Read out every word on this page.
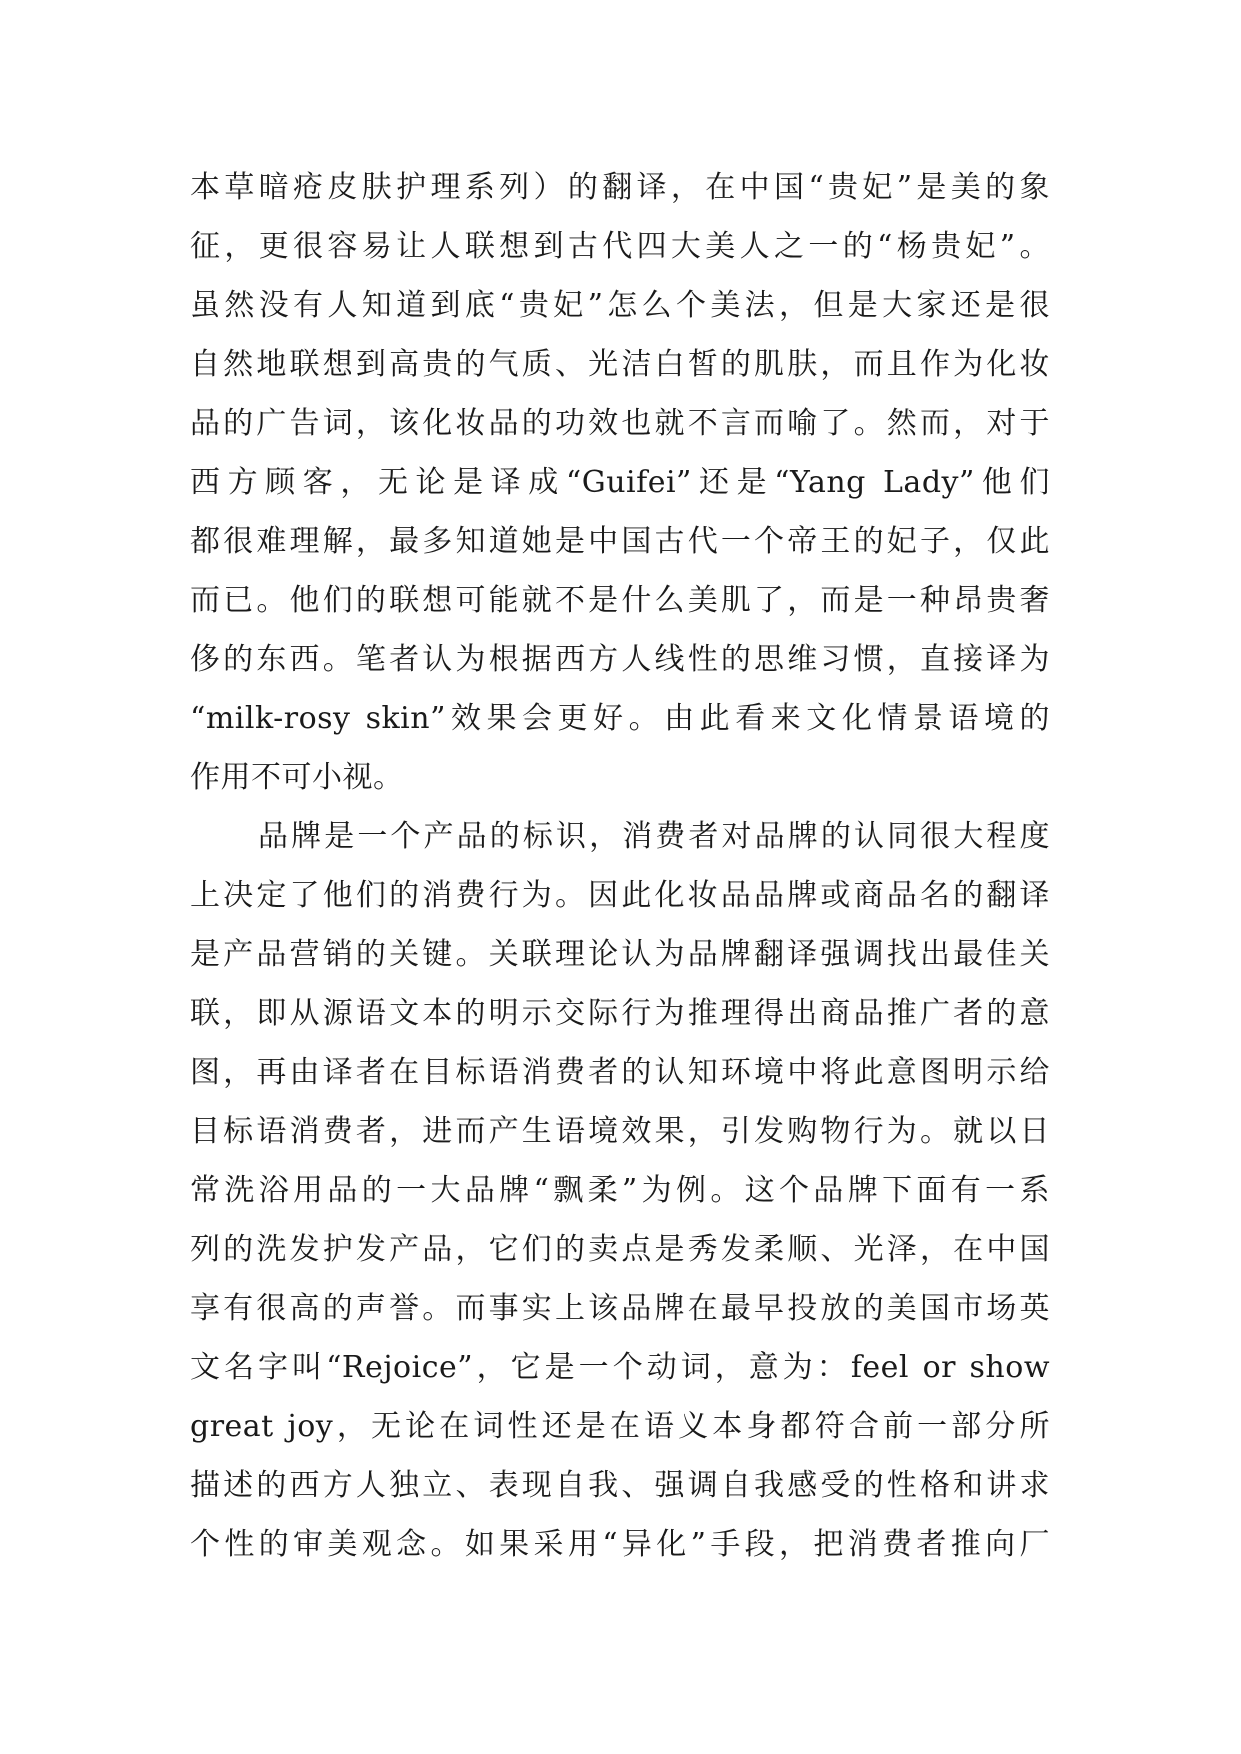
本草暗疮皮肤护理系列）的翻译，在中国“贵妃”是美的象
征，更很容易让人联想到古代四大美人之一的“杨贵妃”。
虽然没有人知道到底“贵妃”怎么个美法，但是大家还是很
自然地联想到高贵的气质、光洁白皙的肌肤，而且作为化妆
品的广告词，该化妆品的功效也就不言而喻了。然而，对于
西方顾客，无论是译成“Guifei”还是“Yang Lady”他们
都很难理解，最多知道她是中国古代一个帝王的妃子，仅此
而已。他们的联想可能就不是什么美肌了，而是一种昂贵奢
侈的东西。笔者认为根据西方人线性的思维习惯，直接译为
“milk-rosy skin”效果会更好。由此看来文化情景语境的
作用不可小视。
品牌是一个产品的标识，消费者对品牌的认同很大程度
上决定了他们的消费行为。因此化妆品品牌或商品名的翻译
是产品营销的关键。关联理论认为品牌翻译强调找出最佳关
联，即从源语文本的明示交际行为推理得出商品推广者的意
图，再由译者在目标语消费者的认知环境中将此意图明示给
目标语消费者，进而产生语境效果，引发购物行为。就以日
常洗浴用品的一大品牌“飘柔”为例。这个品牌下面有一系
列的洗发护发产品，它们的卖点是秀发柔顺、光泽，在中国
享有很高的声誉。而事实上该品牌在最早投放的美国市场英
文名字叫“Rejoice”，它是一个动词，意为：feel or show
great joy，无论在词性还是在语义本身都符合前一部分所
描述的西方人独立、表现自我、强调自我感受的性格和讲求
个性的审美观念。如果采用“异化”手段，把消费者推向厂
